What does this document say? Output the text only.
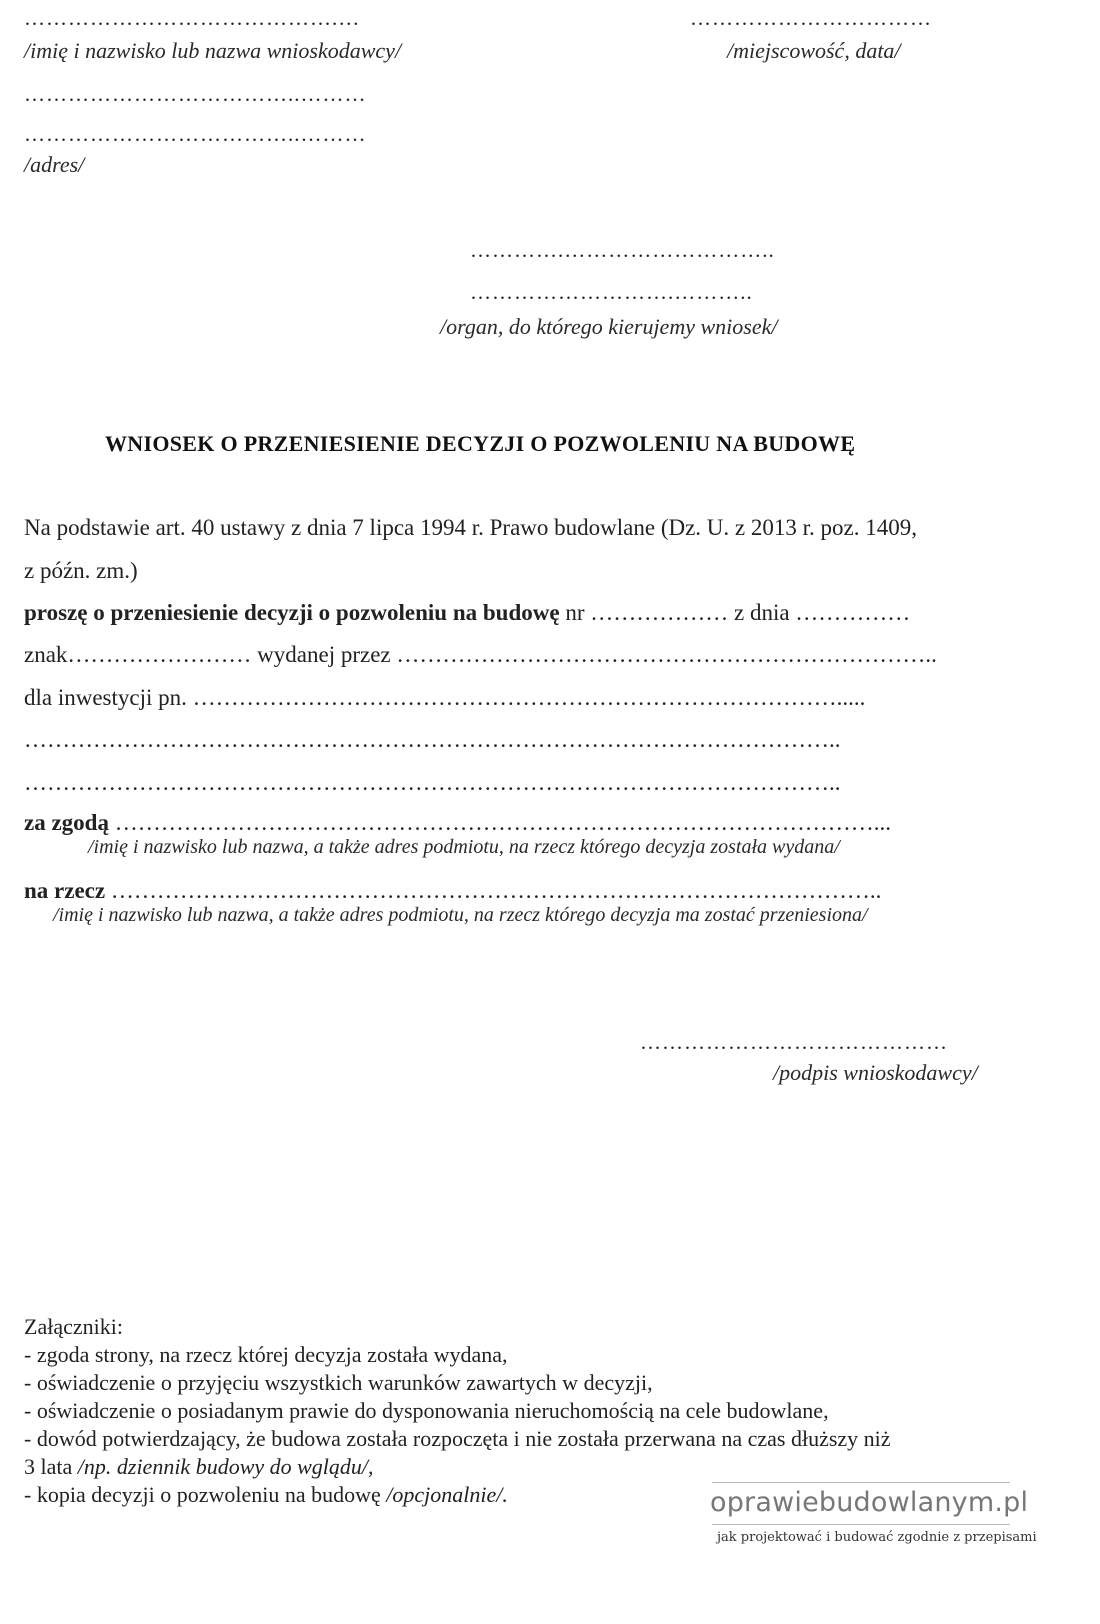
…………………………………….…
/imię i nazwisko lub nazwa wnioskodawcy/
……………………………
/miejscowość, data/
………………………………..………
………………………………..………
/adres/
………….………………………..
……………………….………..
/organ, do którego kierujemy wniosek/
WNIOSEK O PRZENIESIENIE DECYZJI O POZWOLENIU NA BUDOWĘ
Na podstawie art. 40 ustawy z dnia 7 lipca 1994 r. Prawo budowlane (Dz. U. z 2013 r. poz. 1409,
z późn. zm.)
proszę o przeniesienie decyzji o pozwoleniu na budowę nr ……………… z dnia ……………
znak…………………… wydanej przez ……………………………………………………………..
dla inwestycji pn. ………………………………………………………………………….....
……………………………………………………………………………………………..
……………………………………………………………………………………………..
za zgodą ………………………………………………………………………………………...
/imię i nazwisko lub nazwa, a także adres podmiotu, na rzecz którego decyzja została wydana/
na rzecz ………………………………………………………………………………………..
/imię i nazwisko lub nazwa, a także adres podmiotu, na rzecz którego decyzja ma zostać przeniesiona/
……………………………………
/podpis wnioskodawcy/
Załączniki:
- zgoda strony, na rzecz której decyzja została wydana,
- oświadczenie o przyjęciu wszystkich warunków zawartych w decyzji,
- oświadczenie o posiadanym prawie do dysponowania nieruchomością na cele budowlane,
- dowód potwierdzający, że budowa została rozpoczęta i nie została przerwana na czas dłuższy niż
3 lata /np. dziennik budowy do wglądu/,
- kopia decyzji o pozwoleniu na budowę /opcjonalnie/.	oprawiebudowlanym.pl
jak projektować i budować zgodnie z przepisami
